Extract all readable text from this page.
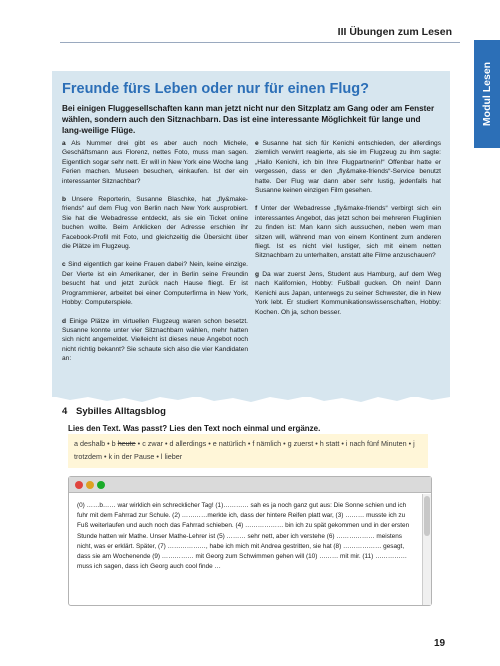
III Übungen zum Lesen
Modul Lesen
Freunde fürs Leben oder nur für einen Flug?
Bei einigen Fluggesellschaften kann man jetzt nicht nur den Sitzplatz am Gang oder am Fenster wählen, sondern auch den Sitznachbarn. Das ist eine interessante Möglichkeit für lange und lang-weilige Flüge.

a Als Nummer drei gibt es aber auch noch Michele, Geschäftsmann aus Florenz, nettes Foto, muss man sagen. Eigentlich sogar sehr nett. Er will in New York eine Woche lang Ferien machen. Museen besuchen, einkaufen. Ist der ein interessanter Sitznachbar?

b Unsere Reporterin, Susanne Blaschke, hat „fly&make-friends“ auf dem Flug von Berlin nach New York ausprobiert. Sie hat die Webadresse entdeckt, als sie ein Ticket online buchen wollte. Beim Anklicken der Adresse erschien ihr Facebook-Profil mit Foto, und gleichzeitig die Übersicht über die Plätze im Flugzeug.

c Sind eigentlich gar keine Frauen dabei? Nein, keine einzige. Der Vierte ist ein Amerikaner, der in Berlin seine Freundin besucht hat und jetzt zurück nach Hause fliegt. Er ist Programmierer, arbeitet bei einer Computerfirma in New York, Hobby: Computerspiele.

d Einige Plätze im virtuellen Flugzeug waren schon besetzt. Susanne konnte unter vier Sitznachbarn wählen, mehr hatten sich nicht angemeldet. Vielleicht ist dieses neue Angebot noch nicht richtig bekannt? Sie schaute sich also die vier Kandidaten an:

e Susanne hat sich für Kenichi entschieden, der allerdings ziemlich verwirrt reagierte, als sie im Flugzeug zu ihm sagte: „Hallo Kenichi, ich bin Ihre Flugpartnerin!“ Offenbar hatte er vergessen, dass er den „fly&make-friends“-Service benutzt hatte. Der Flug war dann aber sehr lustig, jedenfalls hat Susanne keinen einzigen Film gesehen.

f Unter der Webadresse „fly&make-friends“ verbirgt sich ein interessantes Angebot, das jetzt schon bei mehreren Fluglinien zu finden ist: Man kann sich aussuchen, neben wem man sitzen will, während man von einem Kontinent zum anderen fliegt. Ist es nicht viel lustiger, sich mit einem netten Sitznachbarn zu unterhalten, anstatt alte Filme anzuschauen?

g Da war zuerst Jens, Student aus Hamburg, auf dem Weg nach Kalifornien, Hobby: Fußball gucken. Oh nein! Dann Kenichi aus Japan, unterwegs zu seiner Schwester, die in New York lebt. Er studiert Kommunikationswissenschaften, Hobby: Kochen. Oh ja, schon besser.

4 Sybilles Alltagsblog
Lies den Text. Was passt? Lies den Text noch einmal und ergänze.
a deshalb • b heute • c zwar • d allerdings • e natürlich • f nämlich • g zuerst • h statt • i nach fünf Minuten • j trotzdem • k in der Pause • l lieber
(0) ……b…… war wirklich ein schrecklicher Tag! (1)………… sah es ja noch ganz gut aus: Die Sonne schien und ich fuhr mit dem Fahrrad zur Schule. (2) …………merkte ich, dass der hintere Reifen platt war, (3) ……… musste ich zu Fuß weiterlaufen und auch noch das Fahrrad schieben. (4) ……………… bin ich zu spät gekommen und in der ersten Stunde hatten wir Mathe. Unser Mathe-Lehrer ist (5) ……… sehr nett, aber ich verstehe (6) ……………… meistens nicht, was er erklärt. Später, (7) ………………, habe ich mich mit Andrea gestritten, sie hat (8) ……………… gesagt, dass sie am Wochenende (9) …………… mit Georg zum Schwimmen gehen will (10) ……… mit mir. (11) …………… muss ich sagen, dass ich Georg auch cool finde …
19
